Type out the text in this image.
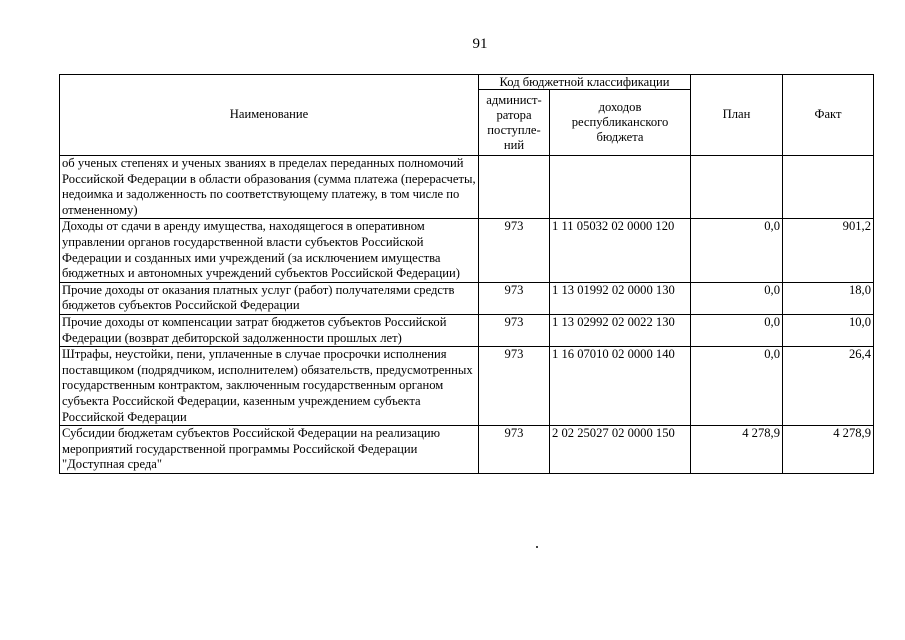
91
Наименование	Код бюджетной классификации		План	Факт
	админист-ратора поступле-ний	доходов республиканского бюджета		
об ученых степенях и ученых званиях в пределах переданных полномочий Российской Федерации в области образования (сумма платежа (перерасчеты, недоимка и задолженность по соответствующему платежу, в том числе по отмененному)				
Доходы от сдачи в аренду имущества, находящегося в оперативном управлении органов государственной власти субъектов Российской Федерации и созданных ими учреждений (за исключением имущества бюджетных и автономных учреждений субъектов Российской Федерации)	973	1 11 05032 02 0000 120	0,0	901,2
Прочие доходы от оказания платных услуг (работ) получателями средств бюджетов субъектов Российской Федерации	973	1 13 01992 02 0000 130	0,0	18,0
Прочие доходы от компенсации затрат бюджетов субъектов Российской Федерации (возврат дебиторской задолженности прошлых лет)	973	1 13 02992 02 0022 130	0,0	10,0
Штрафы, неустойки, пени, уплаченные в случае просрочки исполнения поставщиком (подрядчиком, исполнителем) обязательств, предусмотренных государственным контрактом, заключенным государственным органом субъекта Российской Федерации, казенным учреждением субъекта Российской Федерации	973	1 16 07010 02 0000 140	0,0	26,4
Субсидии бюджетам субъектов Российской Федерации на реализацию мероприятий государственной программы Российской Федерации "Доступная среда"	973	2 02 25027 02 0000 150	4 278,9	4 278,9
